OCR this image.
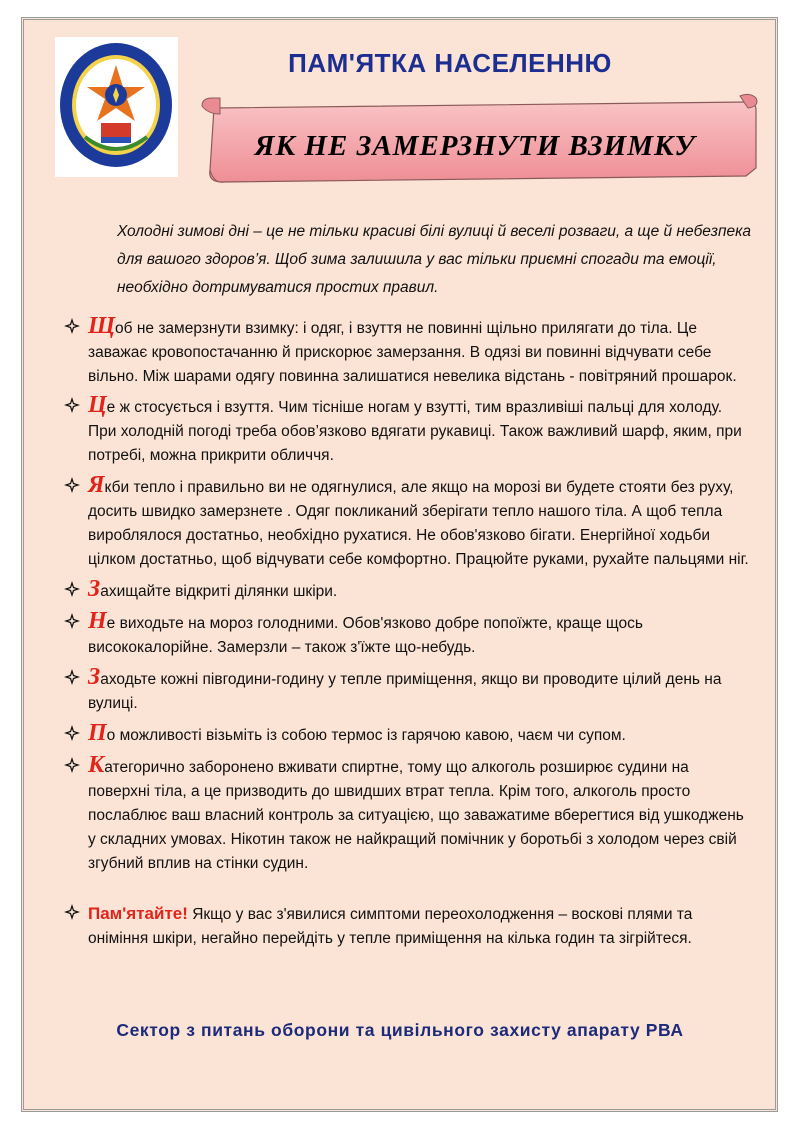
ПАМ'ЯТКА НАСЕЛЕННЮ
ЯК НЕ ЗАМЕРЗНУТИ ВЗИМКУ
Холодні зимові дні – це не тільки красиві білі вулиці й веселі розваги, а ще й небезпека для вашого здоров’я. Щоб зима залишила у вас тільки приємні спогади та емоції, необхідно дотримуватися простих правил.
Щоб не замерзнути взимку: і одяг, і взуття не повинні щільно прилягати до тіла. Це заважає кровопостачанню й прискорює замерзання. В одязі ви повинні відчувати себе вільно. Між шарами одягу повинна залишатися невелика відстань - повітряний прошарок.
Це ж стосується і взуття. Чим тісніше ногам у взутті, тим вразливіші пальці для холоду. При холодній погоді треба обов’язково вдягати рукавиці. Також важливий шарф, яким, при потребі, можна прикрити обличчя.
Якби тепло і правильно ви не одягнулися, але якщо на морозі ви будете стояти без руху, досить швидко замерзнете . Одяг покликаний зберігати тепло нашого тіла. А щоб тепла вироблялося достатньо, необхідно рухатися. Не обов'язково бігати. Енергійної ходьби цілком достатньо, щоб відчувати себе комфортно. Працюйте руками, рухайте пальцями ніг.
Захищайте відкриті ділянки шкіри.
Не виходьте на мороз голодними. Обов'язково добре попоїжте, краще щось висококалорійне. Замерзли – також з'їжте що-небудь.
Заходьте кожні півгодини-годину у тепле приміщення, якщо ви проводите цілий день на вулиці.
По можливості візьміть із собою термос із гарячою кавою, чаєм чи супом.
Категорично заборонено вживати спиртне, тому що алкоголь розширює судини на поверхні тіла, а це призводить до швидших втрат тепла. Крім того, алкоголь просто послаблює ваш власний контроль за ситуацією, що заважатиме вберегтися від ушкоджень у складних умовах. Нікотин також не найкращий помічник у боротьбі з холодом через свій згубний вплив на стінки судин.
Пам'ятайте! Якщо у вас з'явилися симптоми переохолодження – воскові плями та оніміння шкіри, негайно перейдіть у тепле приміщення на кілька годин та зігрійтеся.
Сектор з питань оборони та цивільного захисту апарату РВА
